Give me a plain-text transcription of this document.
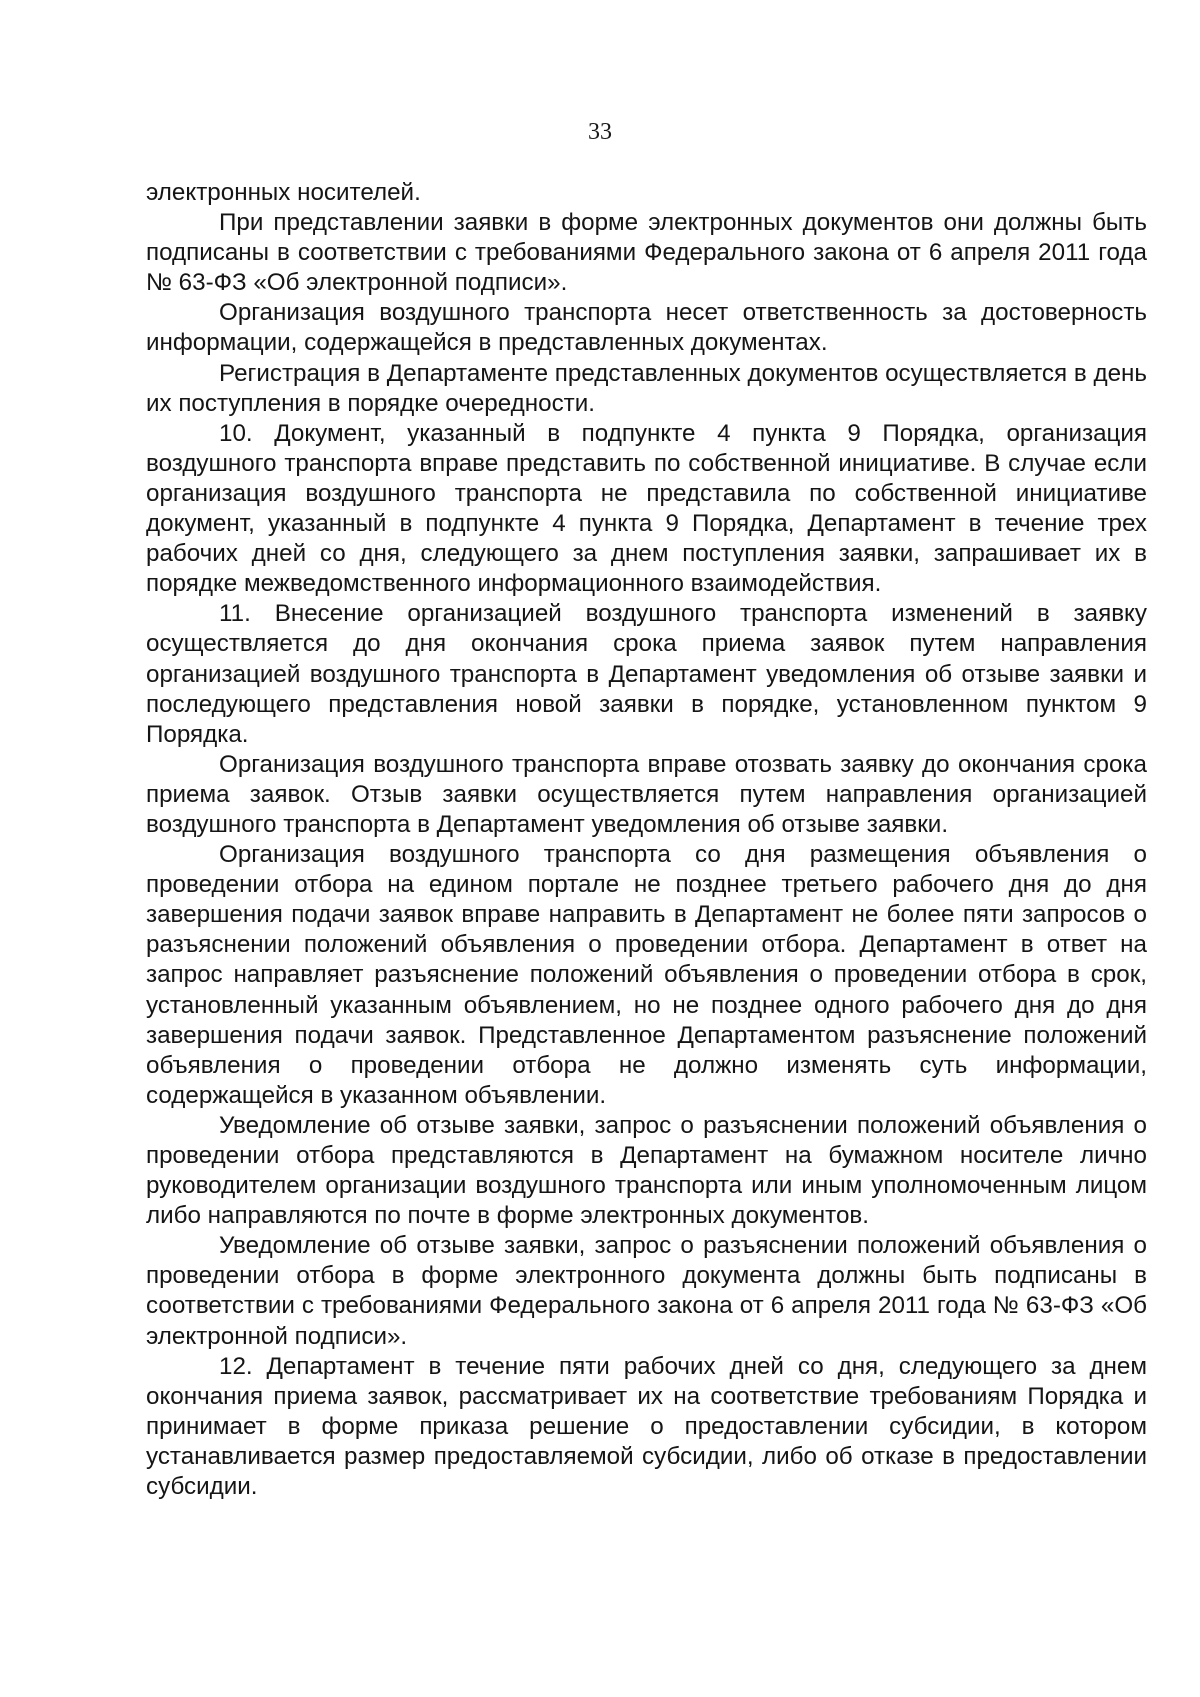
33

электронных носителей.

При представлении заявки в форме электронных документов они должны быть подписаны в соответствии с требованиями Федерального закона от 6 апреля 2011 года № 63-ФЗ «Об электронной подписи».

Организация воздушного транспорта несет ответственность за достоверность информации, содержащейся в представленных документах.

Регистрация в Департаменте представленных документов осуществляется в день их поступления в порядке очередности.

10. Документ, указанный в подпункте 4 пункта 9 Порядка, организация воздушного транспорта вправе представить по собственной инициативе. В случае если организация воздушного транспорта не представила по собственной инициативе документ, указанный в подпункте 4 пункта 9 Порядка, Департамент в течение трех рабочих дней со дня, следующего за днем поступления заявки, запрашивает их в порядке межведомственного информационного взаимодействия.

11. Внесение организацией воздушного транспорта изменений в заявку осуществляется до дня окончания срока приема заявок путем направления организацией воздушного транспорта в Департамент уведомления об отзыве заявки и последующего представления новой заявки в порядке, установленном пунктом 9 Порядка.

Организация воздушного транспорта вправе отозвать заявку до окончания срока приема заявок. Отзыв заявки осуществляется путем направления организацией воздушного транспорта в Департамент уведомления об отзыве заявки.

Организация воздушного транспорта со дня размещения объявления о проведении отбора на едином портале не позднее третьего рабочего дня до дня завершения подачи заявок вправе направить в Департамент не более пяти запросов о разъяснении положений объявления о проведении отбора. Департамент в ответ на запрос направляет разъяснение положений объявления о проведении отбора в срок, установленный указанным объявлением, но не позднее одного рабочего дня до дня завершения подачи заявок. Представленное Департаментом разъяснение положений объявления о проведении отбора не должно изменять суть информации, содержащейся в указанном объявлении.

Уведомление об отзыве заявки, запрос о разъяснении положений объявления о проведении отбора представляются в Департамент на бумажном носителе лично руководителем организации воздушного транспорта или иным уполномоченным лицом либо направляются по почте в форме электронных документов.

Уведомление об отзыве заявки, запрос о разъяснении положений объявления о проведении отбора в форме электронного документа должны быть подписаны в соответствии с требованиями Федерального закона от 6 апреля 2011 года № 63-ФЗ «Об электронной подписи».

12. Департамент в течение пяти рабочих дней со дня, следующего за днем окончания приема заявок, рассматривает их на соответствие требованиям Порядка и принимает в форме приказа решение о предоставлении субсидии, в котором устанавливается размер предоставляемой субсидии, либо об отказе в предоставлении субсидии.
